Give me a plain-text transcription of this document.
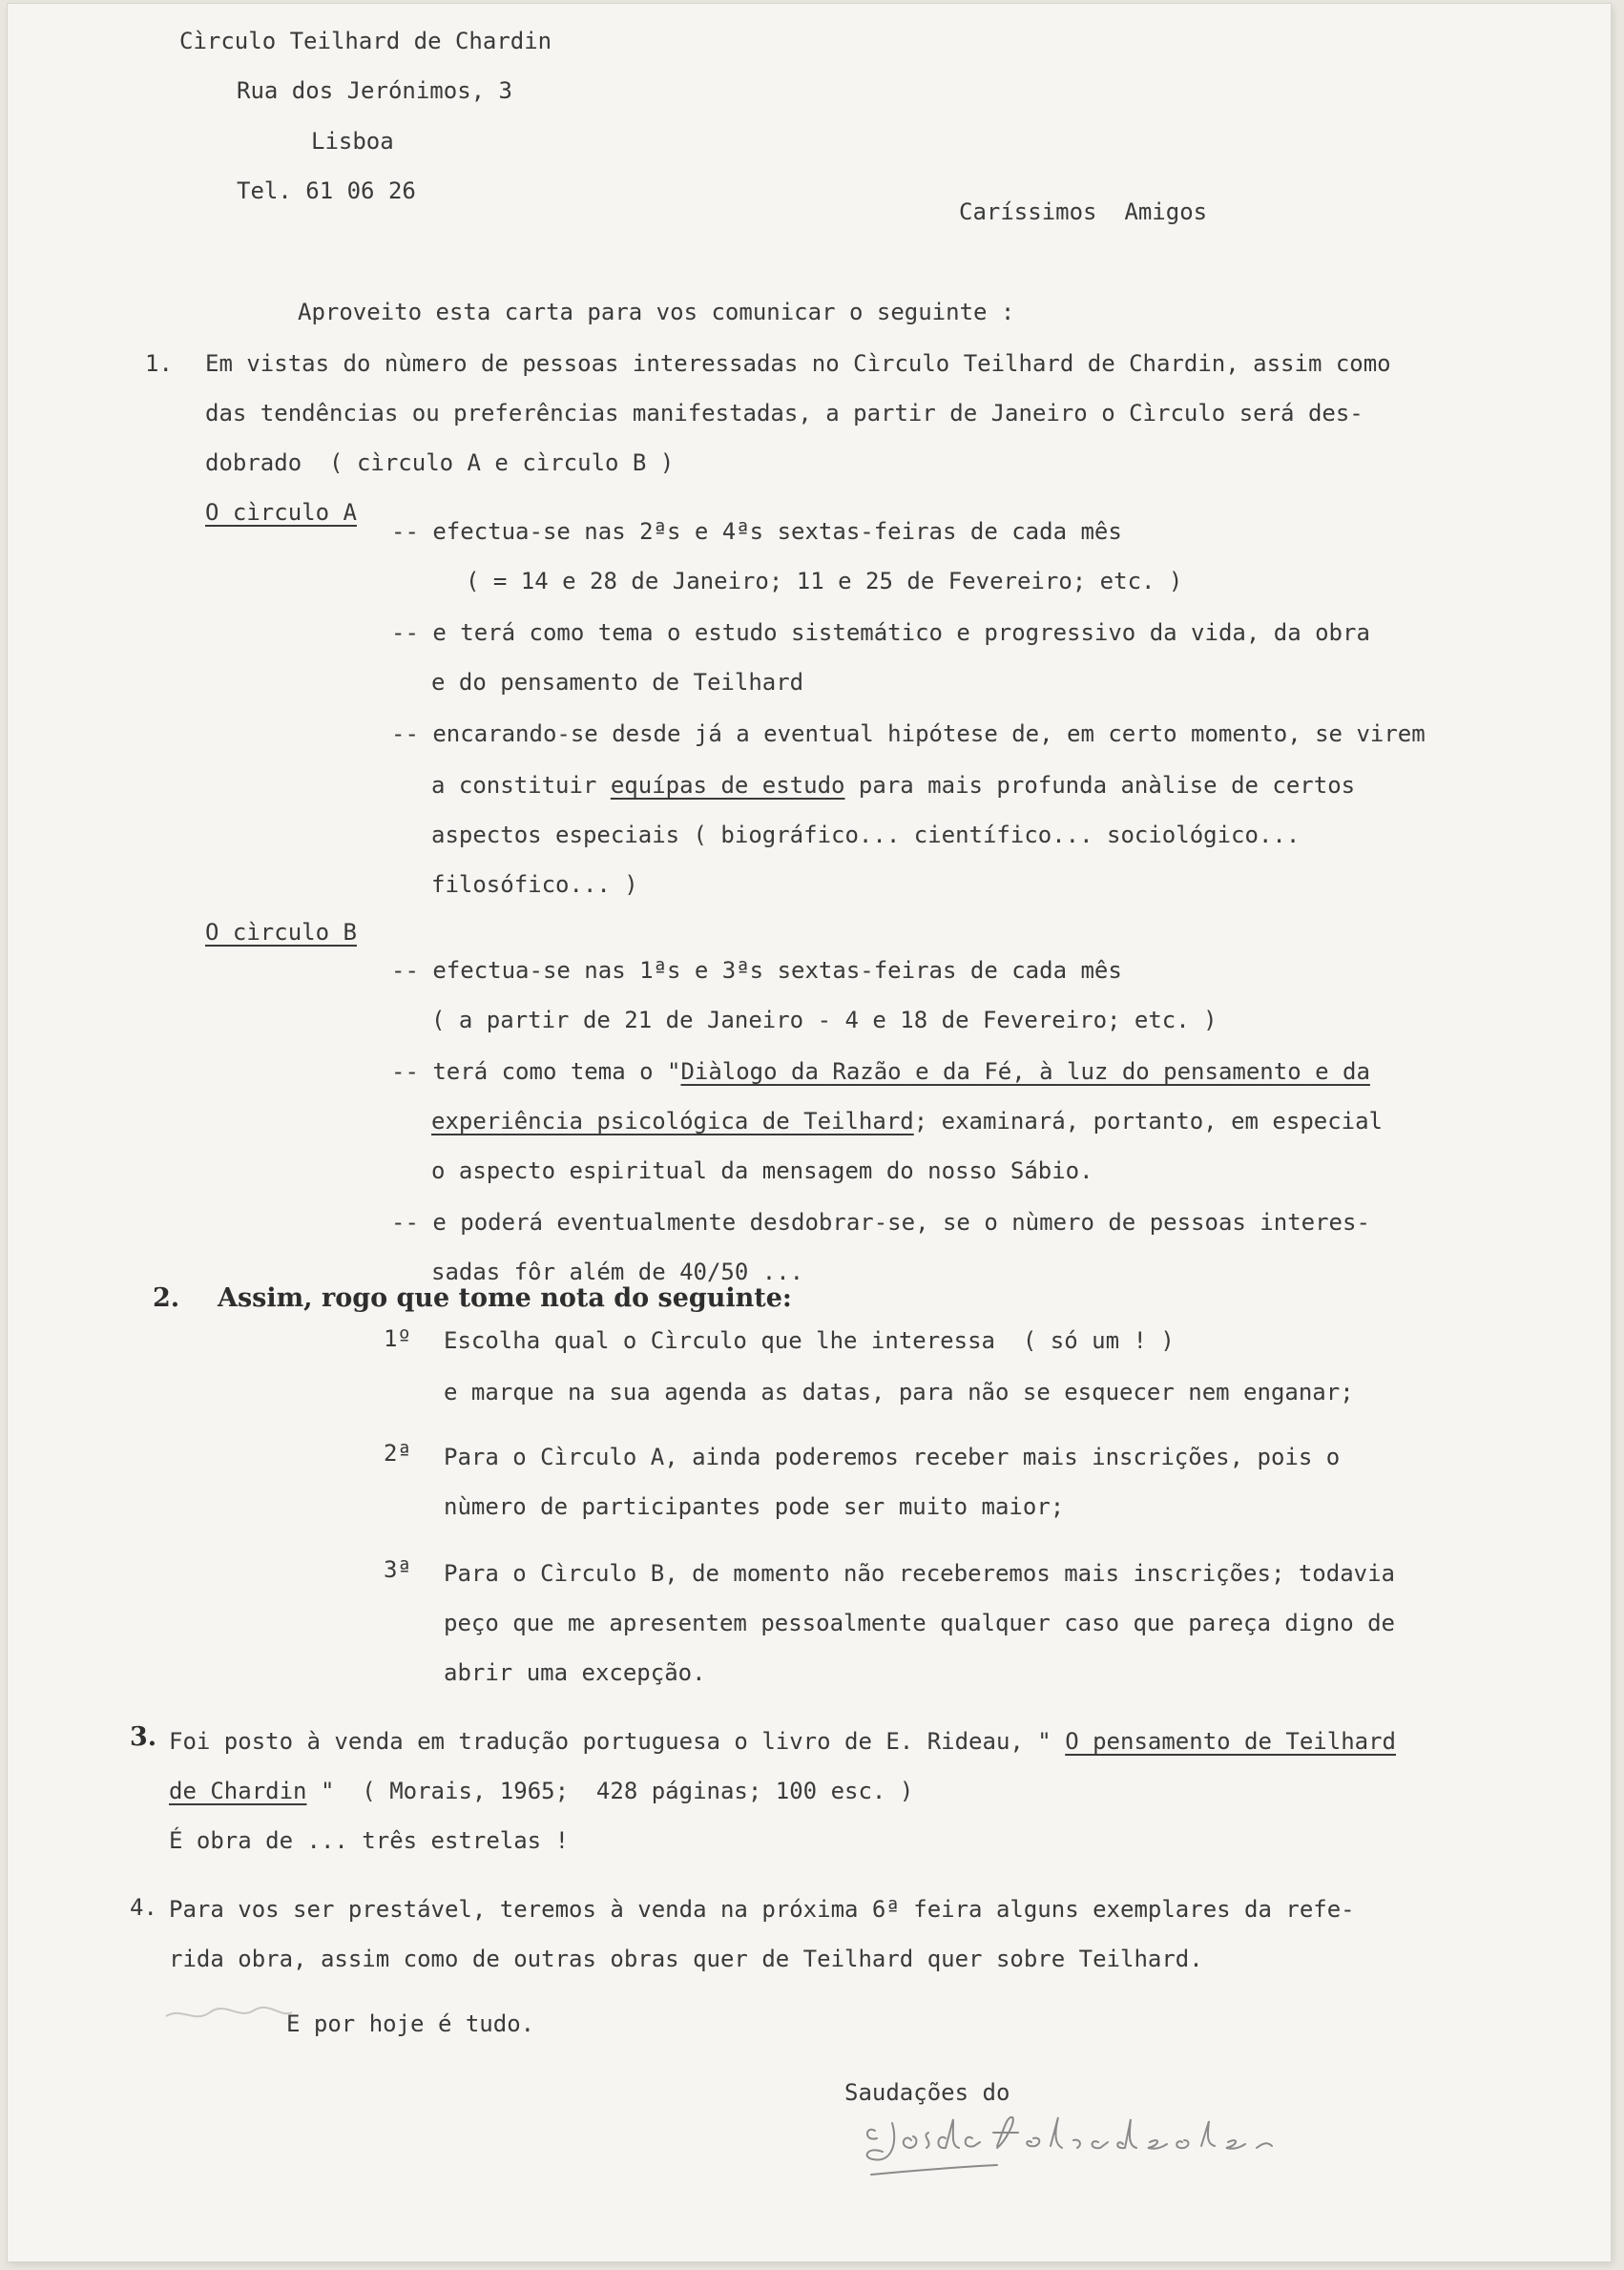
Cìrculo Teilhard de Chardin
Rua dos Jerónimos, 3
Lisboa
Tel. 61 06 26
Caríssimos  Amigos
Aproveito esta carta para vos comunicar o seguinte :
1. Em vistas do nùmero de pessoas interessadas no Cìrculo Teilhard de Chardin, assim como
das tendências ou preferências manifestadas, a partir de Janeiro o Cìrculo será des-
dobrado  ( cìrculo A e cìrculo B )
O cìrculo A
-- efectua-se nas 2ªs e 4ªs sextas-feiras de cada mês
( = 14 e 28 de Janeiro; 11 e 25 de Fevereiro; etc. )
-- e terá como tema o estudo sistemático e progressivo da vida, da obra
e do pensamento de Teilhard
-- encarando-se desde já a eventual hipótese de, em certo momento, se virem
a constituir equípas de estudo para mais profunda anàlise de certos
aspectos especiais ( biográfico... científico... sociológico...
filosófico... )
O cìrculo B
-- efectua-se nas 1ªs e 3ªs sextas-feiras de cada mês
( a partir de 21 de Janeiro - 4 e 18 de Fevereiro; etc. )
-- terá como tema o "Diàlogo da Razão e da Fé, à luz do pensamento e da
experiência psicológica de Teilhard; examinará, portanto, em especial
o aspecto espiritual da mensagem do nosso Sábio.
-- e poderá eventualmente desdobrar-se, se o nùmero de pessoas interes-
sadas fôr além de 40/50 ...
2. Assim, rogo que tome nota do seguinte:
1º Escolha qual o Cìrculo que lhe interessa  ( só um ! )
e marque na sua agenda as datas, para não se esquecer nem enganar;
2ª Para o Cìrculo A, ainda poderemos receber mais inscrições, pois o
nùmero de participantes pode ser muito maior;
3ª Para o Cìrculo B, de momento não receberemos mais inscrições; todavia
peço que me apresentem pessoalmente qualquer caso que pareça digno de
abrir uma excepção.
3. Foi posto à venda em tradução portuguesa o livro de E. Rideau, " O pensamento de Teilhard
de Chardin "  ( Morais, 1965;  428 páginas; 100 esc. )
É obra de ... três estrelas !
4. Para vos ser prestável, teremos à venda na próxima 6ª feira alguns exemplares da refe-
rida obra, assim como de outras obras quer de Teilhard quer sobre Teilhard.
E por hoje é tudo.
Saudações do
